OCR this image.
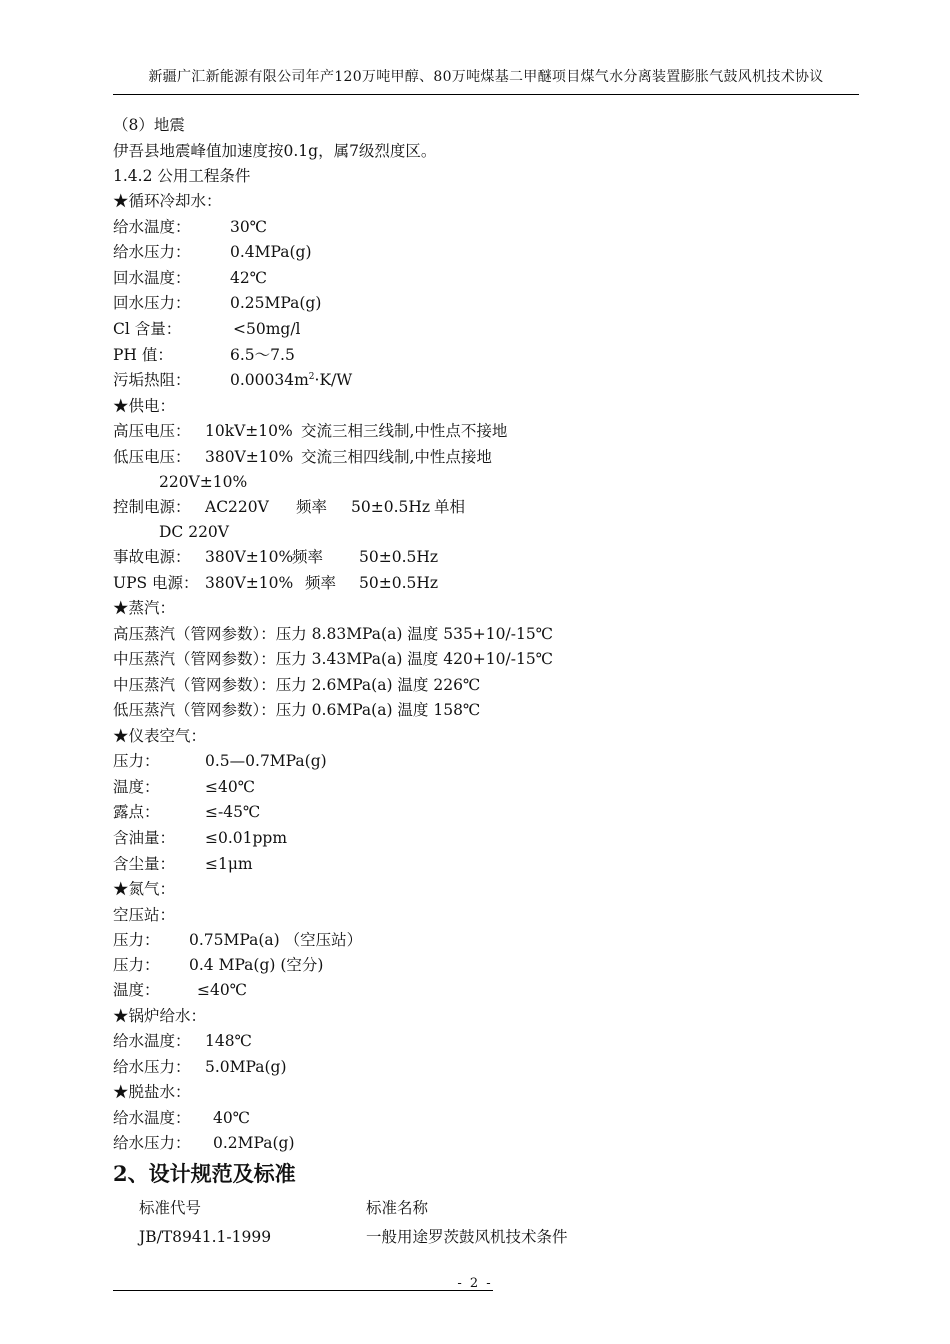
新疆广汇新能源有限公司年产120万吨甲醇、80万吨煤基二甲醚项目煤气水分离装置膨胀气鼓风机技术协议
（8）地震
伊吾县地震峰值加速度按0.1g，属7级烈度区。
1.4.2 公用工程条件
★循环冷却水：
给水温度：	30℃
给水压力：	0.4MPa(g)
回水温度：	42℃
回水压力：	0.25MPa(g)
Cl 含量：	<50mg/l
PH 值：	6.5～7.5
污垢热阻：	$0.00034m^2\cdot K/W$
★供电：
高压电压： 10kV±10% 交流三相三线制,中性点不接地
低压电压： 380V±10% 交流三相四线制,中性点接地
220V±10%
控制电源： AC220V 频率 50±0.5Hz 单相
DC 220V
事故电源： 380V±10%
频率 50±0.5Hz
UPS 电源： 380V±10% 频率 50±0.5Hz
★蒸汽：
高压蒸汽（管网参数）：压力 8.83MPa(a) 温度 535+10/-15℃
中压蒸汽（管网参数）：压力 3.43MPa(a) 温度 420+10/-15℃
中压蒸汽（管网参数）：压力 2.6MPa(a) 温度 226℃
低压蒸汽（管网参数）：压力 0.6MPa(a) 温度 158℃
★仪表空气：
压力：	0.5—0.7MPa(g)
温度：	≤40℃
露点：	≤-45℃
含油量： ≤0.01ppm
含尘量： ≤1μm
★氮气：
空压站：
压力： 0.75MPa(a) （空压站）
压力： 0.4 MPa(g) (空分)
温度： ≤40℃
★锅炉给水：
给水温度： 148℃
给水压力： 5.0MPa(g)
★脱盐水：
给水温度： 40℃
给水压力： 0.2MPa(g)
2、设计规范及标准
标准代号	标准名称
JB/T8941.1-1999	一般用途罗茨鼓风机技术条件
- 2 -
